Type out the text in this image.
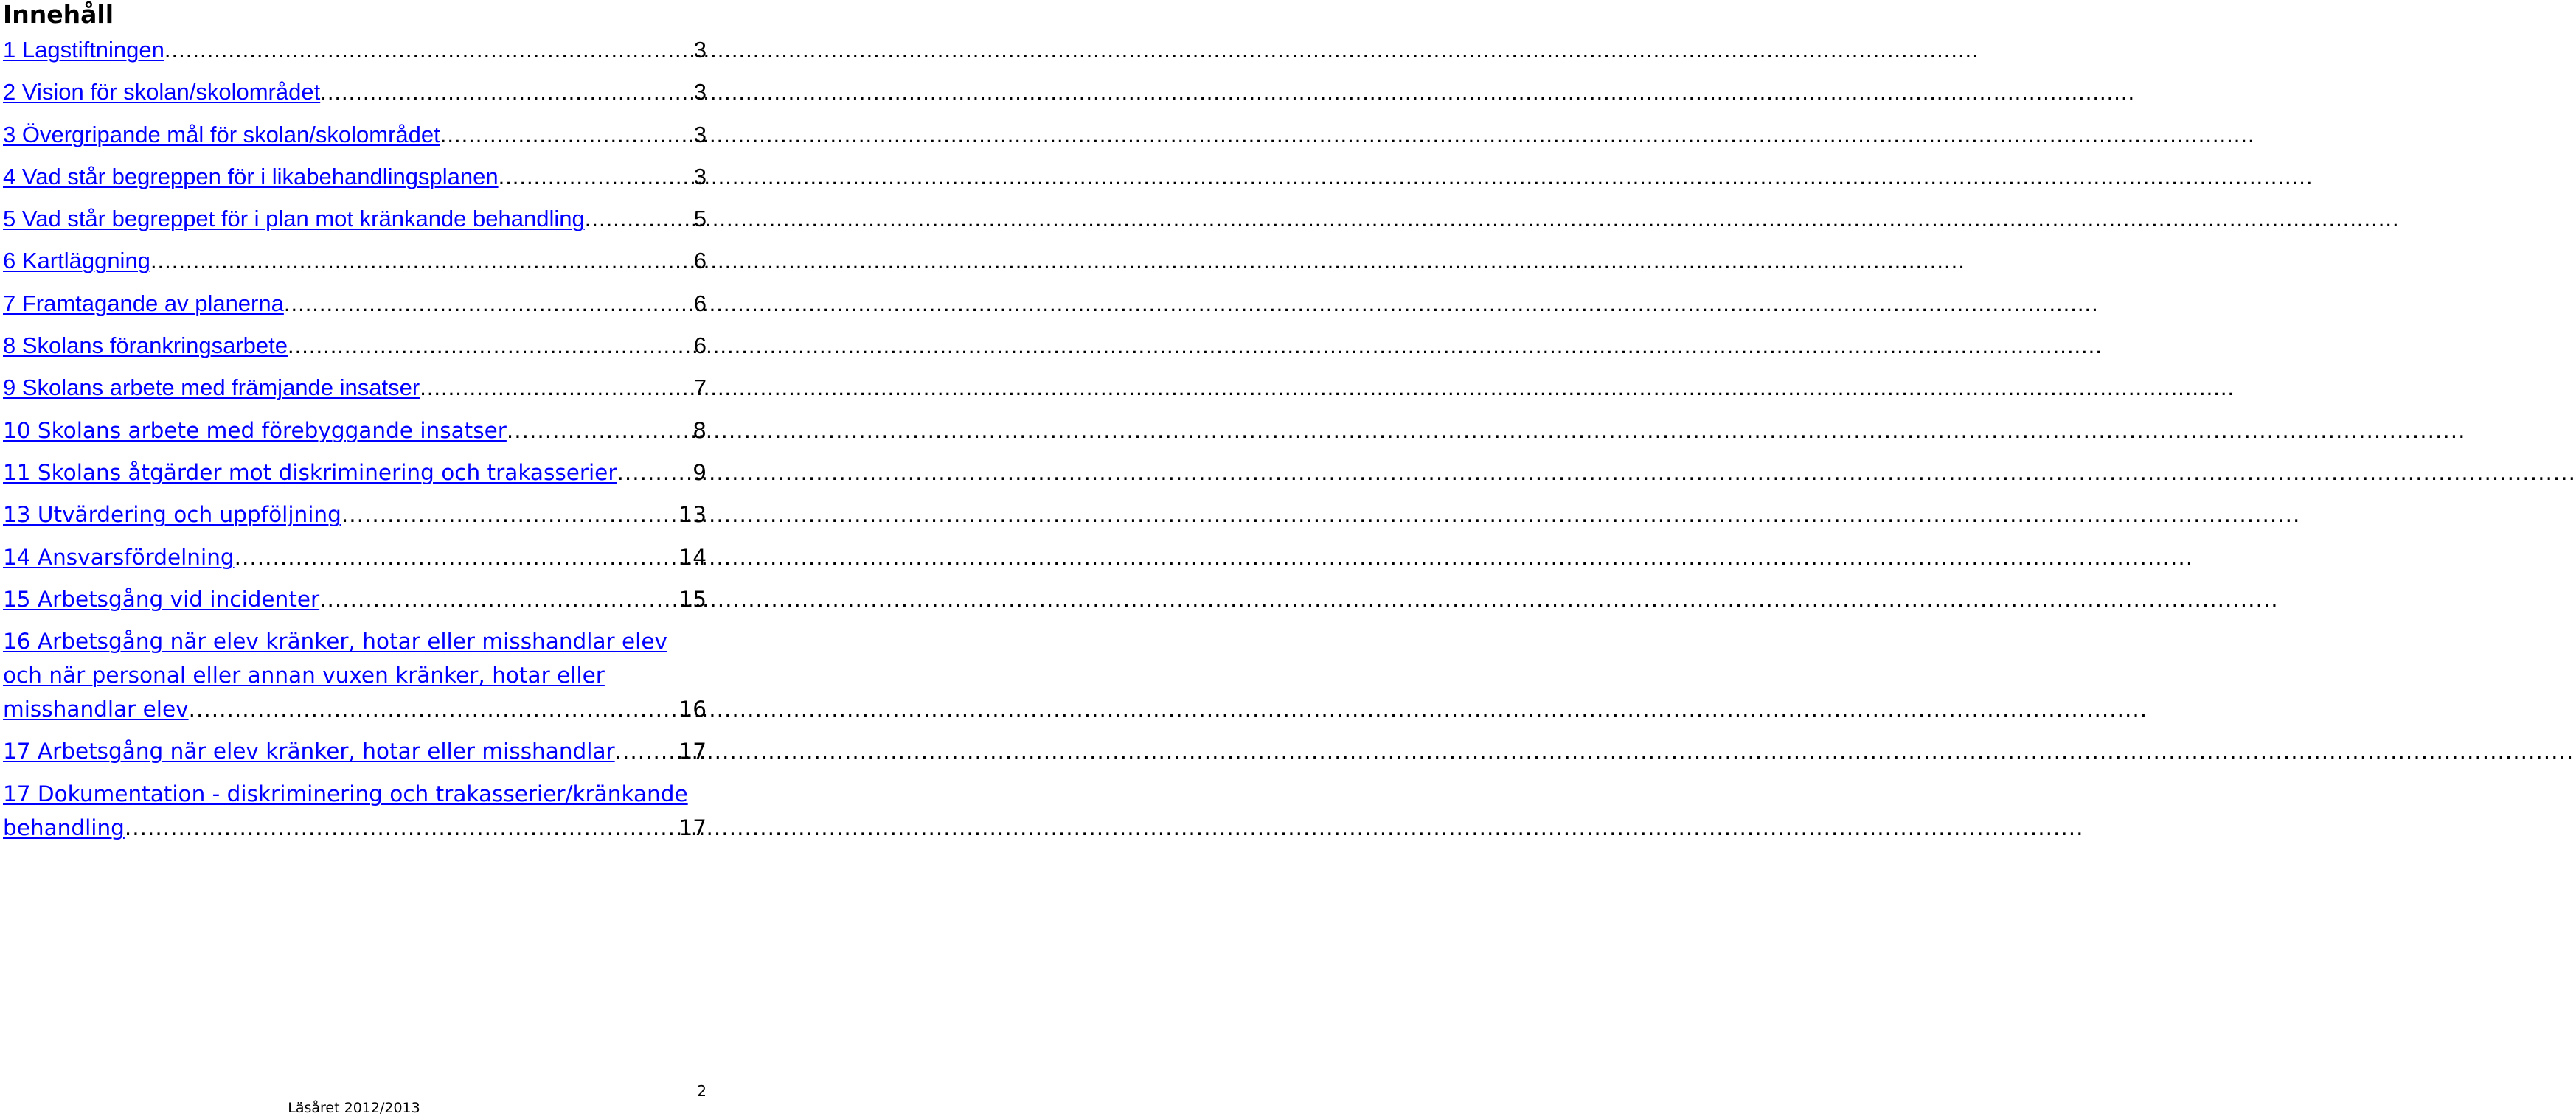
Innehåll
1 Lagstiftningen .....	3
2 Vision för skolan/skolområdet .....	3
3 Övergripande mål för skolan/skolområdet .....	3
4 Vad står begreppen för i likabehandlingsplanen .....	3
5 Vad står begreppet för i plan mot kränkande behandling .....	5
6 Kartläggning .....	6
7 Framtagande av planerna .....	6
8 Skolans förankringsarbete .....	6
9 Skolans arbete med främjande insatser .....	7
10 Skolans arbete med förebyggande insatser .....	8
11 Skolans åtgärder mot diskriminering och trakasserier .....	9
13 Utvärdering och uppföljning .....	13
14 Ansvarsfördelning .....	14
15 Arbetsgång vid incidenter .....	15
16 Arbetsgång när elev kränker, hotar eller misshandlar elev
och när personal eller annan vuxen kränker, hotar eller
misshandlar elev .....	16
17 Arbetsgång när elev kränker, hotar eller misshandlar .....	17
17 Dokumentation - diskriminering och trakasserier/kränkande
behandling .....	17
2
Läsåret 2012/2013
